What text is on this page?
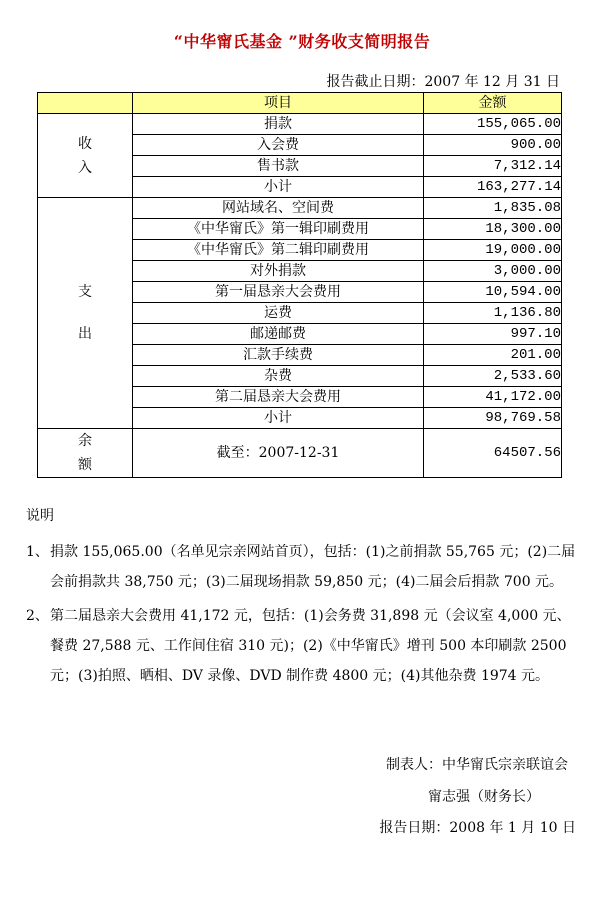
“中华甯氏基金 ”财务收支简明报告
报告截止日期：2007 年 12 月 31 日
	项目	金额
收入	捐款	155,065.00
	入会费	900.00
	售书款	7,312.14
	小计	163,277.14
支出	网站域名、空间费	1,835.08
	《中华甯氏》第一辑印刷费用	18,300.00
	《中华甯氏》第二辑印刷费用	19,000.00
	对外捐款	3,000.00
	第一届恳亲大会费用	10,594.00
	运费	1,136.80
	邮递邮费	997.10
	汇款手续费	201.00
	杂费	2,533.60
	第二届恳亲大会费用	41,172.00
	小计	98,769.58
余额	截至：2007-12-31	64507.56
说明
1、 捐款 155,065.00（名单见宗亲网站首页），包括：(1)之前捐款 55,765 元；(2)二届会前捐款共 38,750 元；(3)二届现场捐款 59,850 元；(4)二届会后捐款 700 元。
2、 第二届恳亲大会费用 41,172 元，包括：(1)会务费 31,898 元（会议室 4,000 元、餐费 27,588 元、工作间住宿 310 元)；(2)《中华甯氏》增刊 500 本印刷款 2500 元；(3)拍照、晒相、DV 录像、DVD 制作费 4800 元；(4)其他杂费 1974 元。
制表人：中华甯氏宗亲联谊会
甯志强（财务长）
报告日期：2008 年 1 月 10 日
